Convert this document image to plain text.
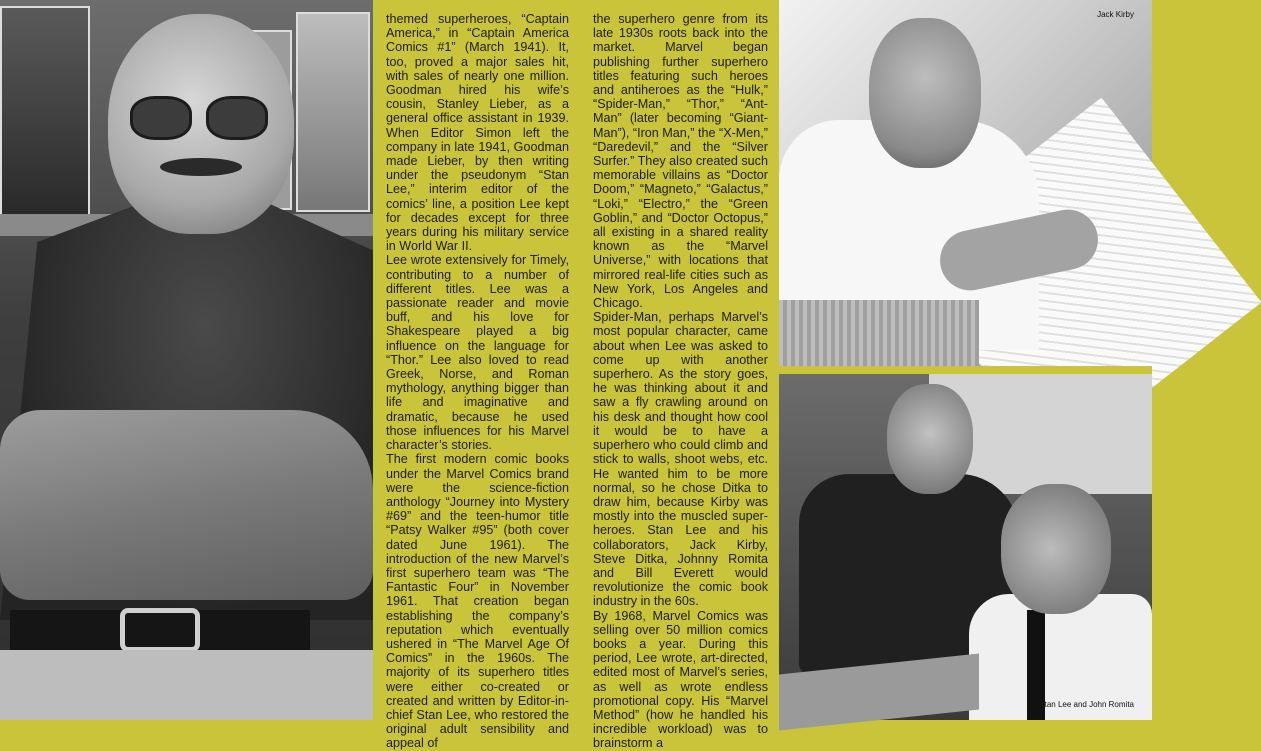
themed superheroes, “Captain America,” in “Captain America Comics #1” (March 1941). It, too, proved a major sales hit, with sales of nearly one million. Goodman hired his wife’s cousin, Stanley Lieber, as a general office assistant in 1939. When Editor Simon left the company in late 1941, Goodman made Lieber, by then writing under the pseudonym “Stan Lee,” interim editor of the comics’ line, a position Lee kept for decades except for three years during his military service in World War II.

Lee wrote extensively for Timely, contributing to a number of different titles. Lee was a passionate reader and movie buff, and his love for Shakespeare played a big influence on the language for “Thor.” Lee also loved to read Greek, Norse, and Roman mythology, anything bigger than life and imaginative and dramatic, because he used those influences for his Marvel character’s stories.

The first modern comic books under the Marvel Comics brand were the science-fiction anthology “Journey into Mystery #69” and the teen-humor title “Patsy Walker #95” (both cover dated June 1961). The introduction of the new Marvel’s first superhero team was “The Fantastic Four” in November 1961. That creation began establishing the company’s reputation which eventually ushered in “The Marvel Age Of Comics” in the 1960s. The majority of its superhero titles were either co-created or created and written by Editor-in-chief Stan Lee, who restored the original adult sensibility and appeal of

the superhero genre from its late 1930s roots back into the market. Marvel began publishing further superhero titles featuring such heroes and antiheroes as the “Hulk,” “Spider-Man,” “Thor,” “Ant-Man” (later becoming “Giant-Man”), “Iron Man,” the “X-Men,” “Daredevil,” and the “Silver Surfer.” They also created such memorable villains as “Doctor Doom,” “Magneto,” “Galactus,” “Loki,” “Electro,” the “Green Goblin,” and “Doctor Octopus,” all existing in a shared reality known as the “Marvel Universe,” with locations that mirrored real-life cities such as New York, Los Angeles and Chicago.

Spider-Man, perhaps Marvel’s most popular character, came about when Lee was asked to come up with another superhero. As the story goes, he was thinking about it and saw a fly crawling around on his desk and thought how cool it would be to have a superhero who could climb and stick to walls, shoot webs, etc. He wanted him to be more normal, so he chose Ditka to draw him, because Kirby was mostly into the muscled super-heroes. Stan Lee and his collaborators, Jack Kirby, Steve Ditka, Johnny Romita and Bill Everett would revolutionize the comic book industry in the 60s.

By 1968, Marvel Comics was selling over 50 million comics books a year. During this period, Lee wrote, art-directed, edited most of Marvel’s series, as well as wrote endless promotional copy. His “Marvel Method” (how he handled his incredible workload) was to brainstorm a

Jack Kirby
Stan Lee and John Romita
